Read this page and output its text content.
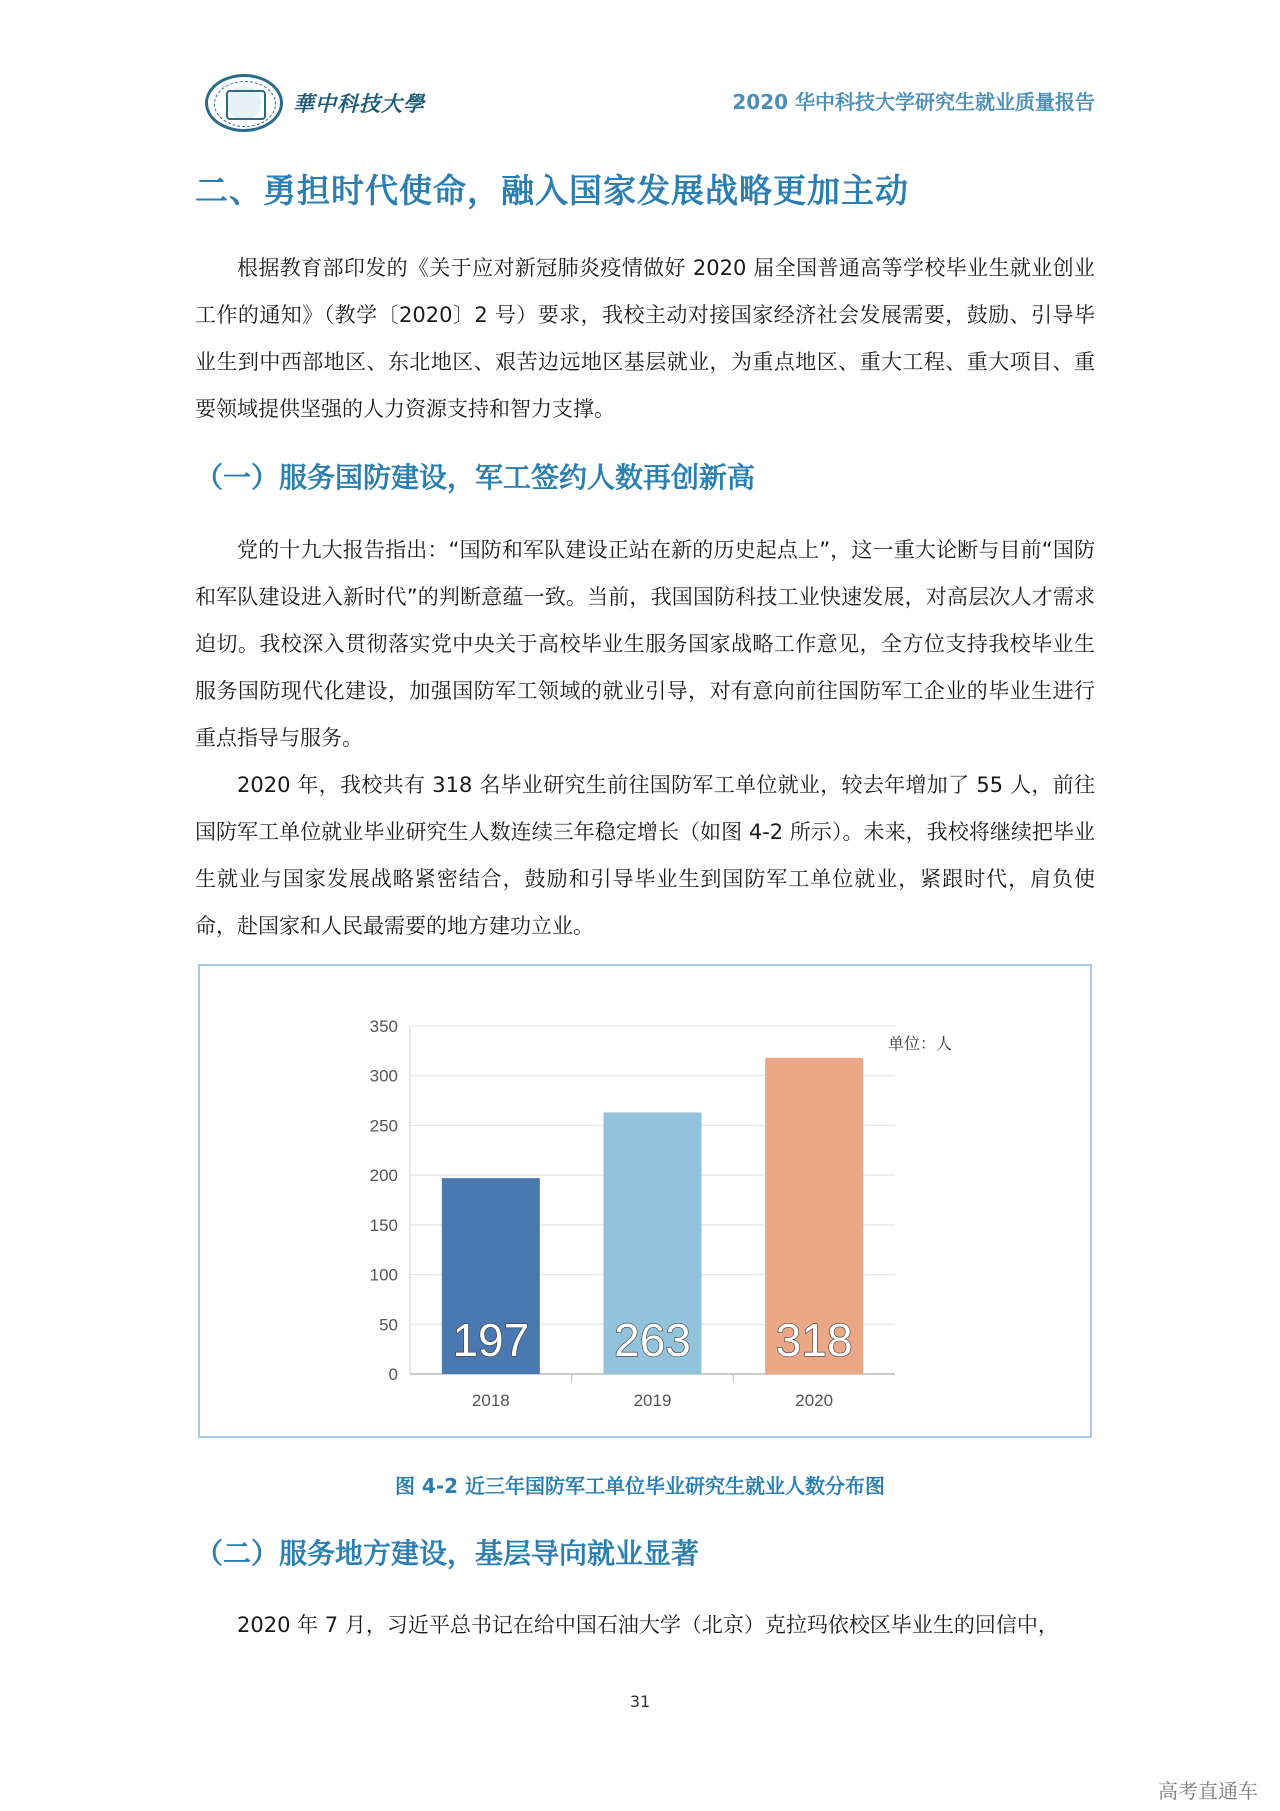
華中科技大學	2020 华中科技大学研究生就业质量报告
二、勇担时代使命，融入国家发展战略更加主动

根据教育部印发的《关于应对新冠肺炎疫情做好 2020 届全国普通高等学校毕业生就业创业工作的通知》（教学〔2020〕2 号）要求，我校主动对接国家经济社会发展需要，鼓励、引导毕业生到中西部地区、东北地区、艰苦边远地区基层就业，为重点地区、重大工程、重大项目、重要领域提供坚强的人力资源支持和智力支撑。

（一）服务国防建设，军工签约人数再创新高

党的十九大报告指出：“国防和军队建设正站在新的历史起点上”，这一重大论断与目前“国防和军队建设进入新时代”的判断意蕴一致。当前，我国国防科技工业快速发展，对高层次人才需求迫切。我校深入贯彻落实党中央关于高校毕业生服务国家战略工作意见，全方位支持我校毕业生服务国防现代化建设，加强国防军工领域的就业引导，对有意向前往国防军工企业的毕业生进行重点指导与服务。

2020 年，我校共有 318 名毕业研究生前往国防军工单位就业，较去年增加了 55 人，前往国防军工单位就业毕业研究生人数连续三年稳定增长（如图 4-2 所示）。未来，我校将继续把毕业生就业与国家发展战略紧密结合，鼓励和引导毕业生到国防军工单位就业，紧跟时代，肩负使命，赴国家和人民最需要的地方建功立业。

0
50
100
150
200
250
300
350
197
2018
263
2019
318
2020
单位：人
图 4-2 近三年国防军工单位毕业研究生就业人数分布图
（二）服务地方建设，基层导向就业显著

2020 年 7 月，习近平总书记在给中国石油大学（北京）克拉玛依校区毕业生的回信中，

31
高考直通车
